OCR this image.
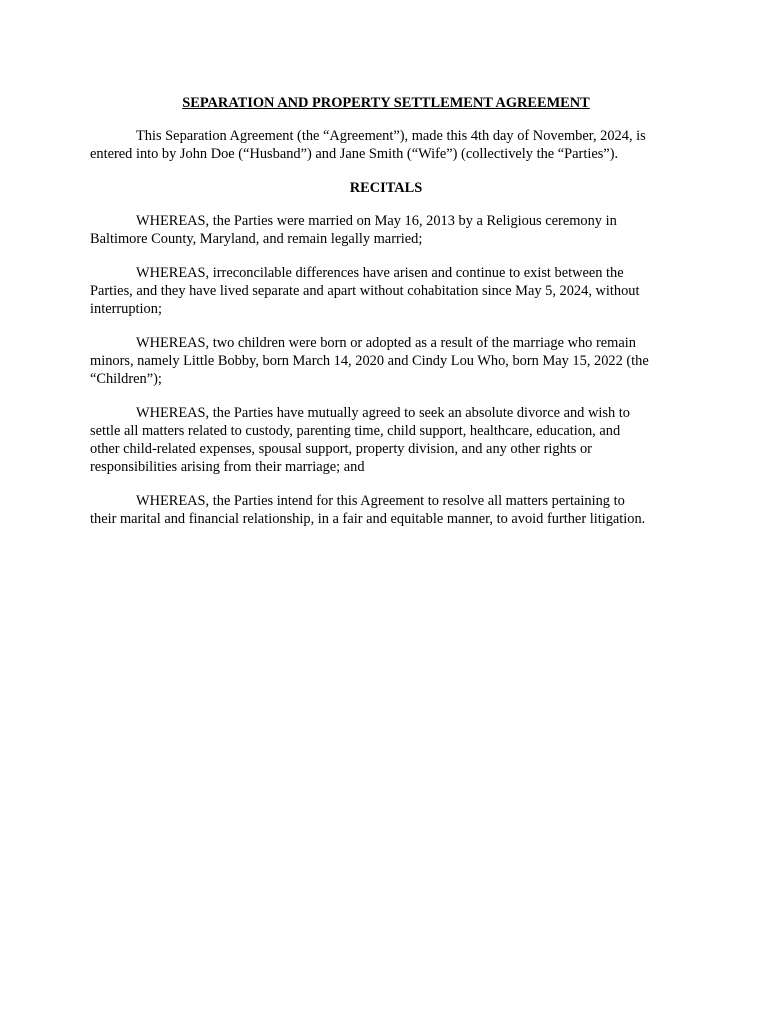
SEPARATION AND PROPERTY SETTLEMENT AGREEMENT
This Separation Agreement (the “Agreement”), made this 4th day of November, 2024, is
entered into by John Doe (“Husband”) and Jane Smith (“Wife”) (collectively the “Parties”).
RECITALS
WHEREAS, the Parties were married on May 16, 2013 by a Religious ceremony in
Baltimore County, Maryland, and remain legally married;
WHEREAS, irreconcilable differences have arisen and continue to exist between the
Parties, and they have lived separate and apart without cohabitation since May 5, 2024, without
interruption;
WHEREAS, two children were born or adopted as a result of the marriage who remain
minors, namely Little Bobby, born March 14, 2020 and Cindy Lou Who, born May 15, 2022 (the
“Children”);
WHEREAS, the Parties have mutually agreed to seek an absolute divorce and wish to
settle all matters related to custody, parenting time, child support, healthcare, education, and
other child-related expenses, spousal support, property division, and any other rights or
responsibilities arising from their marriage; and
WHEREAS, the Parties intend for this Agreement to resolve all matters pertaining to
their marital and financial relationship, in a fair and equitable manner, to avoid further litigation.
